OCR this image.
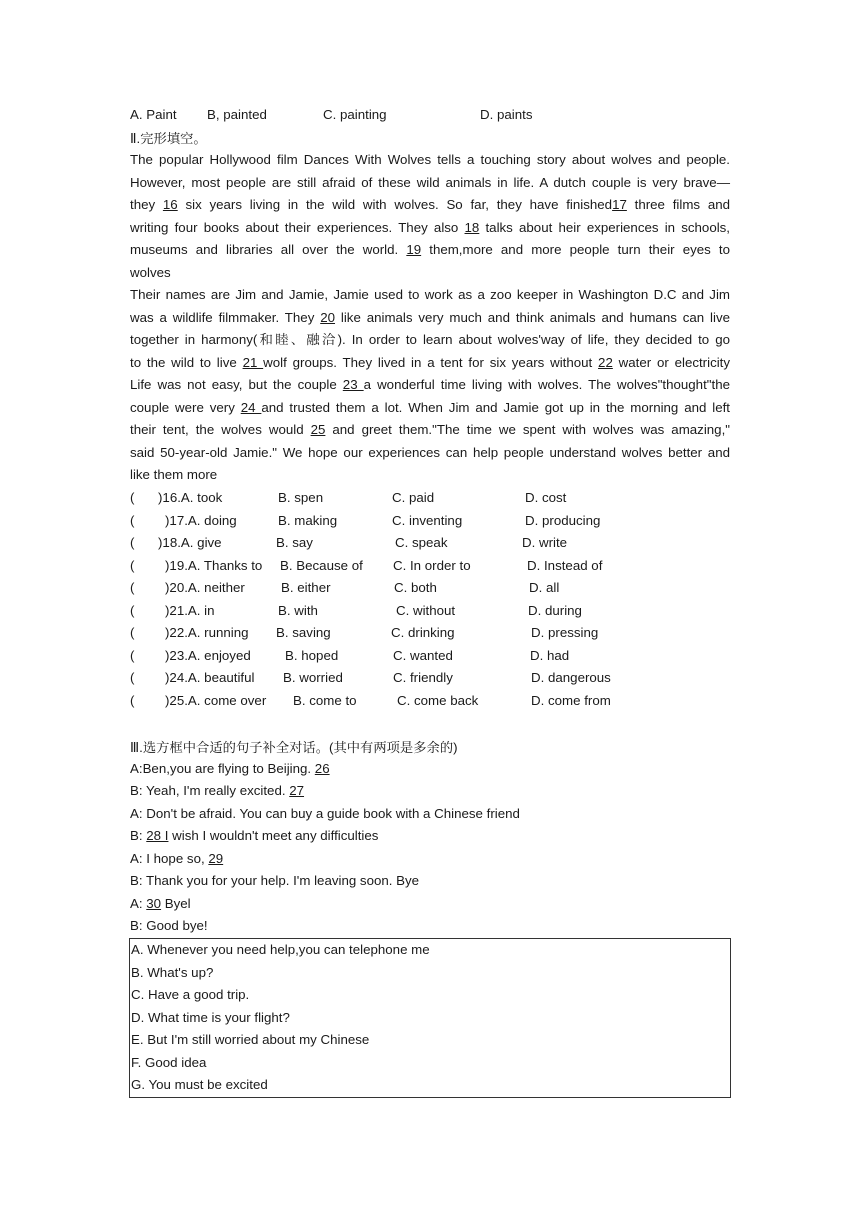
A. Paint B, painted	C. painting	D. paints
Ⅱ.完形填空。
The popular Hollywood film Dances With Wolves tells a touching story about wolves and people.
However, most people are still afraid of these wild animals in life. A dutch couple is very brave—
they 16 six years living in the wild with wolves. So far, they have finished17 three films and
writing four books about their experiences. They also 18 talks about heir experiences in schools,
museums and libraries all over the world. 19 them,more and more people turn their eyes to
wolves
Their names are Jim and Jamie, Jamie used to work as a zoo keeper in Washington D.C and Jim
was a wildlife filmmaker. They 20 like animals very much and think animals and humans can live
together in harmony(和睦、融洽). In order to learn about wolves'way of life, they decided to go
to the wild to live 21 wolf groups. They lived in a tent for six years without 22 water or electricity
Life was not easy, but the couple 23 a wonderful time living with wolves. The wolves"thought"the
couple were very 24 and trusted them a lot. When Jim and Jamie got up in the morning and left
their tent, the wolves would 25 and greet them."The time we spent with wolves was amazing,"
said 50-year-old Jamie." We hope our experiences can help people understand wolves better and
like them more
( )16.A. took	B. spen	C. paid	D. cost
( )17.A. doing	B. making	C. inventing	D. producing
( )18.A. give	B. say	C. speak	D. write
( )19.A. Thanks to B. Because of C. In order to	D. Instead of
( )20.A. neither	B. either	C. both	D. all
( )21.A. in	B. with	C. without	D. during
( )22.A. running B. saving	C. drinking	D. pressing
( )23.A. enjoyed	B. hoped	C. wanted	D. had
( )24.A. beautiful B. worried	C. friendly	D. dangerous
( )25.A. come over B. come to	C. come back	D. come from
Ⅲ.选方框中合适的句子补全对话。(其中有两项是多余的)
A:Ben,you are flying to Beijing. 26
B: Yeah, I'm really excited. 27
A: Don't be afraid. You can buy a guide book with a Chinese friend
B: 28 I wish I wouldn't meet any difficulties
A: I hope so, 29
B: Thank you for your help. I'm leaving soon. Bye
A: 30 Byel
B: Good bye!
A. Whenever you need help,you can telephone me
B. What's up?
C. Have a good trip.
D. What time is your flight?
E. But I'm still worried about my Chinese
F. Good idea
G. You must be excited
